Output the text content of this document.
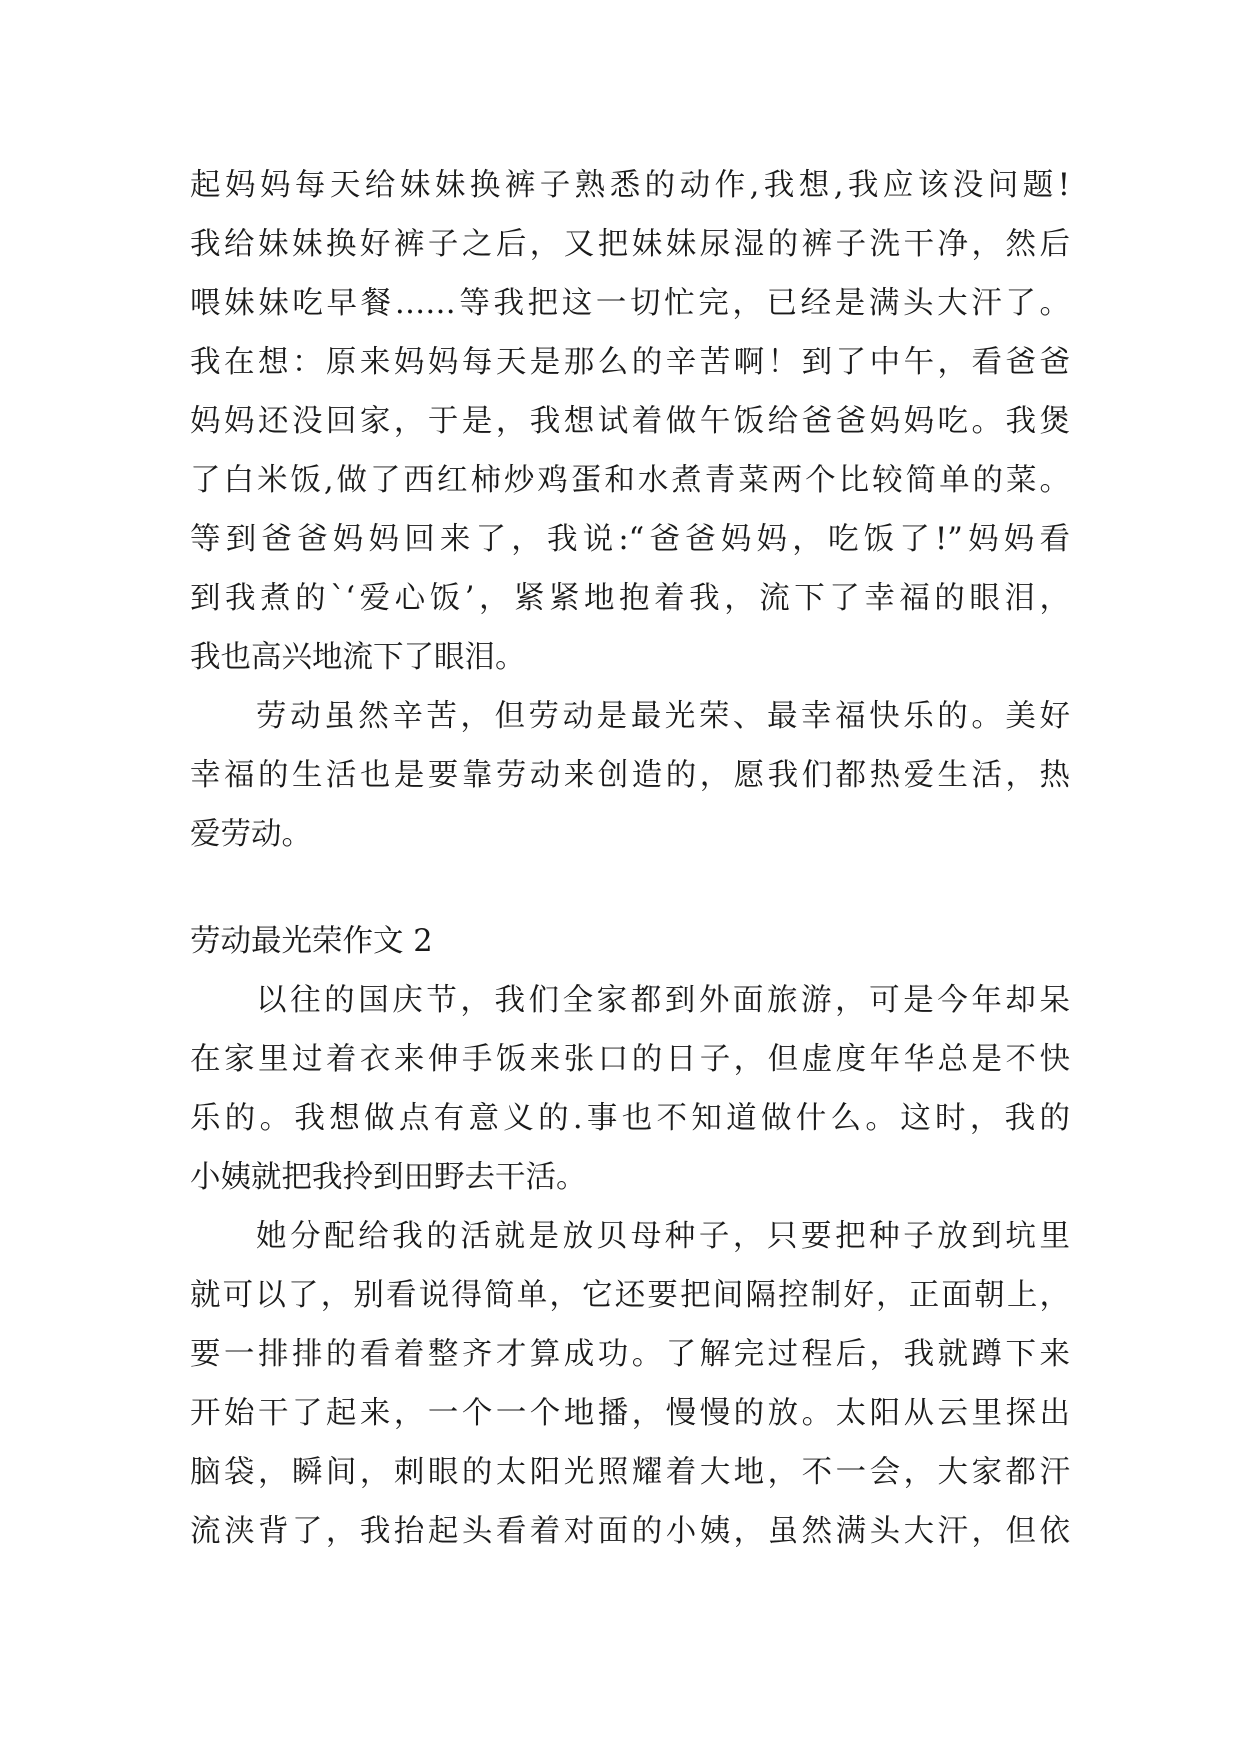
起妈妈每天给妹妹换裤子熟悉的动作,我想,我应该没问题!
我给妹妹换好裤子之后，又把妹妹尿湿的裤子洗干净，然后
喂妹妹吃早餐……等我把这一切忙完，已经是满头大汗了。
我在想：原来妈妈每天是那么的辛苦啊！到了中午，看爸爸
妈妈还没回家，于是，我想试着做午饭给爸爸妈妈吃。我煲
了白米饭,做了西红柿炒鸡蛋和水煮青菜两个比较简单的菜。
等到爸爸妈妈回来了，我说:“爸爸妈妈，吃饭了!”妈妈看
到我煮的`‘爱心饭’，紧紧地抱着我，流下了幸福的眼泪，
我也高兴地流下了眼泪。
劳动虽然辛苦，但劳动是最光荣、最幸福快乐的。美好
幸福的生活也是要靠劳动来创造的，愿我们都热爱生活，热
爱劳动。
劳动最光荣作文 2
以往的国庆节，我们全家都到外面旅游，可是今年却呆
在家里过着衣来伸手饭来张口的日子，但虚度年华总是不快
乐的。我想做点有意义的.事也不知道做什么。这时，我的
小姨就把我拎到田野去干活。
她分配给我的活就是放贝母种子，只要把种子放到坑里
就可以了，别看说得简单，它还要把间隔控制好，正面朝上，
要一排排的看着整齐才算成功。了解完过程后，我就蹲下来
开始干了起来，一个一个地播，慢慢的放。太阳从云里探出
脑袋，瞬间，刺眼的太阳光照耀着大地，不一会，大家都汗
流浃背了，我抬起头看着对面的小姨，虽然满头大汗，但依
